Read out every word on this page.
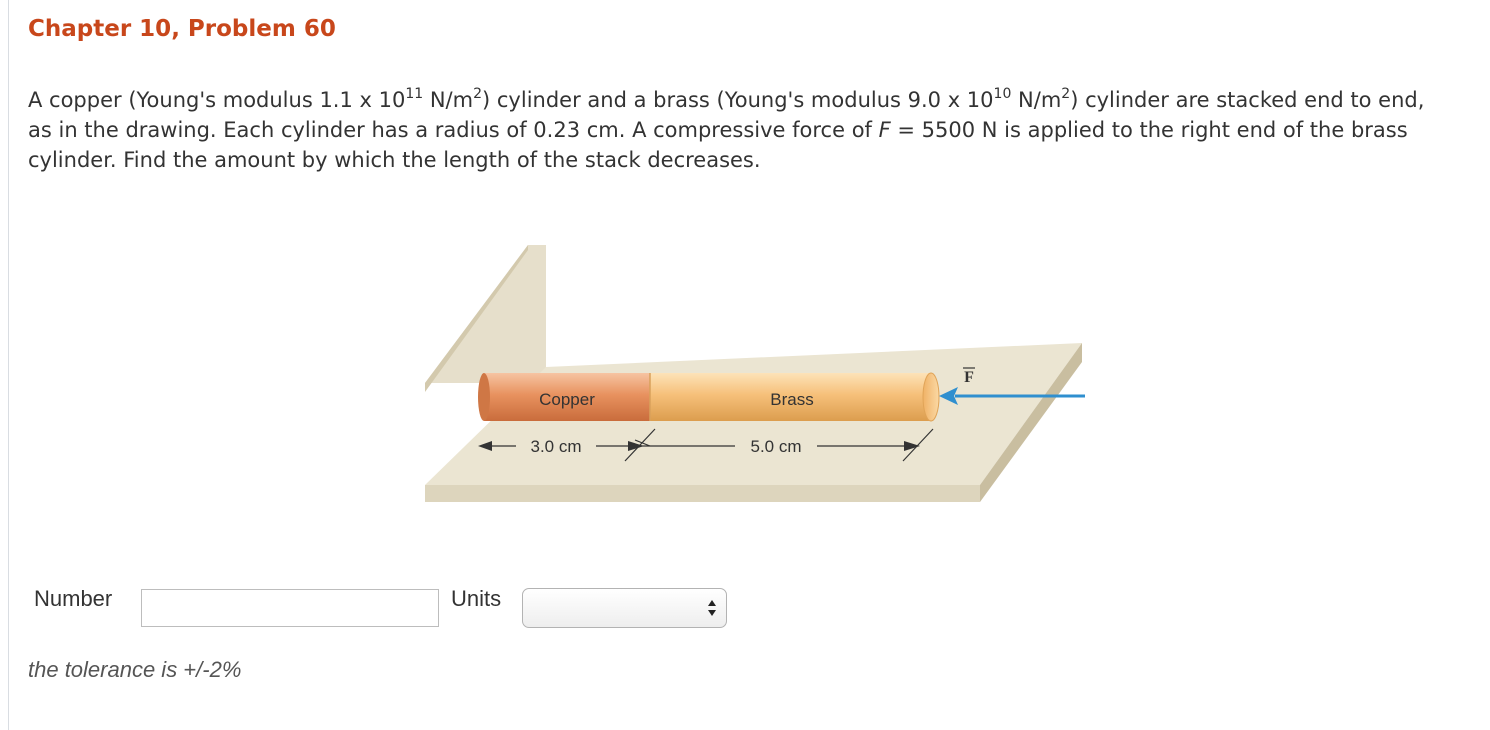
Chapter 10, Problem 60

A copper (Young's modulus 1.1 x $10^{11}$ $N/m^2$) cylinder and a brass (Young's modulus 9.0 x $10^{10}$ $N/m^2$) cylinder are stacked end to end, as in the drawing. Each cylinder has a radius of 0.23 cm. A compressive force of F = 5500 N is applied to the right end of the brass cylinder. Find the amount by which the length of the stack decreases.

Copper	Brass
F
3.0 cm	5.0 cm
Number	Units
the tolerance is +/-2%
